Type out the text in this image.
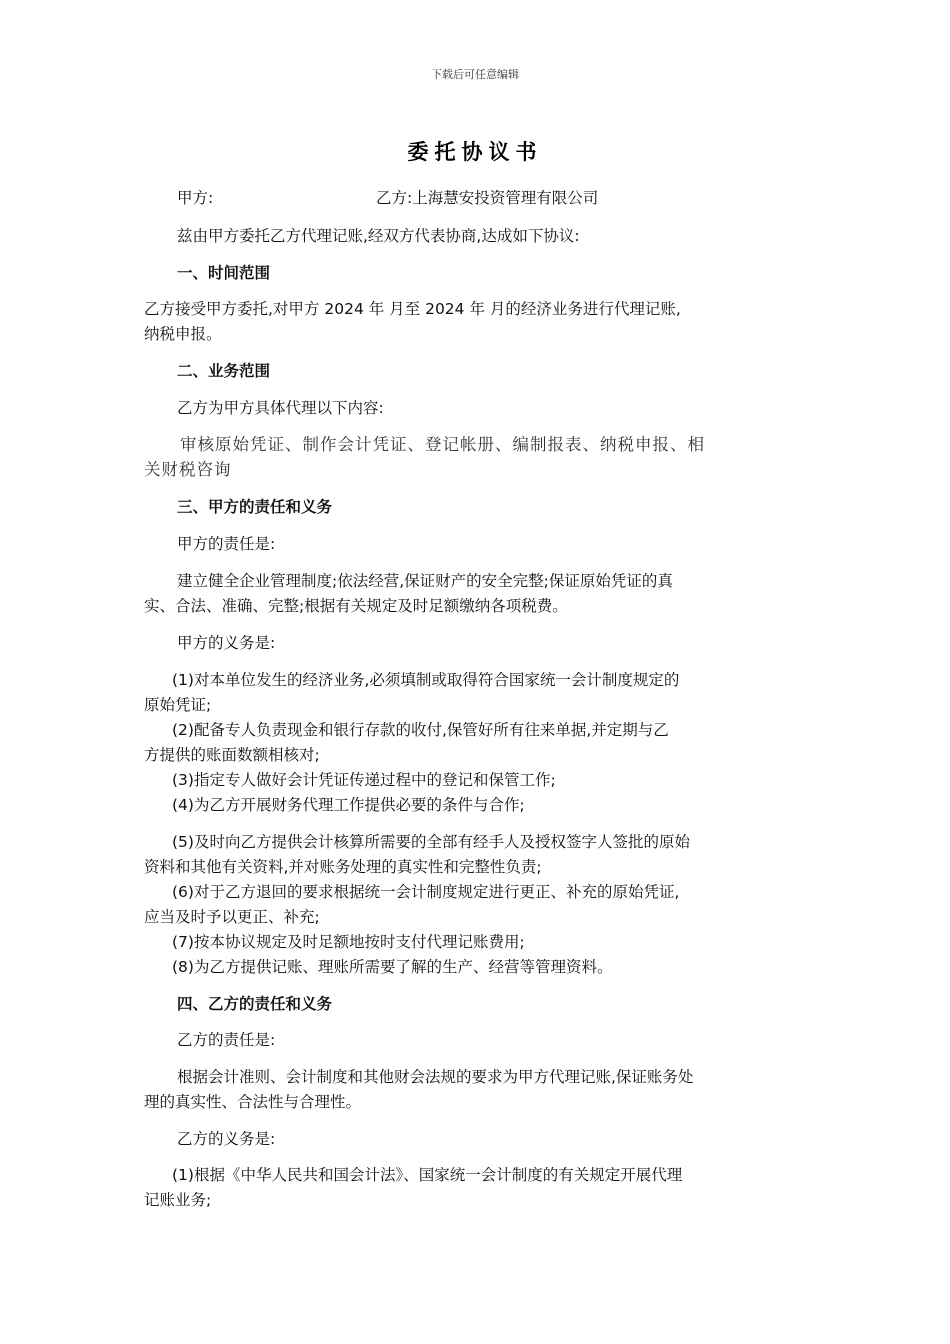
下载后可任意编辑
委托协议书
甲方:	乙方:上海慧安投资管理有限公司
兹由甲方委托乙方代理记账,经双方代表协商,达成如下协议:
一、时间范围
乙方接受甲方委托,对甲方 2024 年 月至 2024 年 月的经济业务进行代理记账,
纳税申报。
二、业务范围
乙方为甲方具体代理以下内容:
审核原始凭证、制作会计凭证、登记帐册、编制报表、纳税申报、相
关财税咨询
三、甲方的责任和义务
甲方的责任是:
建立健全企业管理制度;依法经营,保证财产的安全完整;保证原始凭证的真
实、合法、准确、完整;根据有关规定及时足额缴纳各项税费。
甲方的义务是:
(1)对本单位发生的经济业务,必须填制或取得符合国家统一会计制度规定的
原始凭证;
(2)配备专人负责现金和银行存款的收付,保管好所有往来单据,并定期与乙
方提供的账面数额相核对;
(3)指定专人做好会计凭证传递过程中的登记和保管工作;
(4)为乙方开展财务代理工作提供必要的条件与合作;
(5)及时向乙方提供会计核算所需要的全部有经手人及授权签字人签批的原始
资料和其他有关资料,并对账务处理的真实性和完整性负责;
(6)对于乙方退回的要求根据统一会计制度规定进行更正、补充的原始凭证,
应当及时予以更正、补充;
(7)按本协议规定及时足额地按时支付代理记账费用;
(8)为乙方提供记账、理账所需要了解的生产、经营等管理资料。
四、乙方的责任和义务
乙方的责任是:
根据会计准则、会计制度和其他财会法规的要求为甲方代理记账,保证账务处
理的真实性、合法性与合理性。
乙方的义务是:
(1)根据《中华人民共和国会计法》、国家统一会计制度的有关规定开展代理
记账业务;
